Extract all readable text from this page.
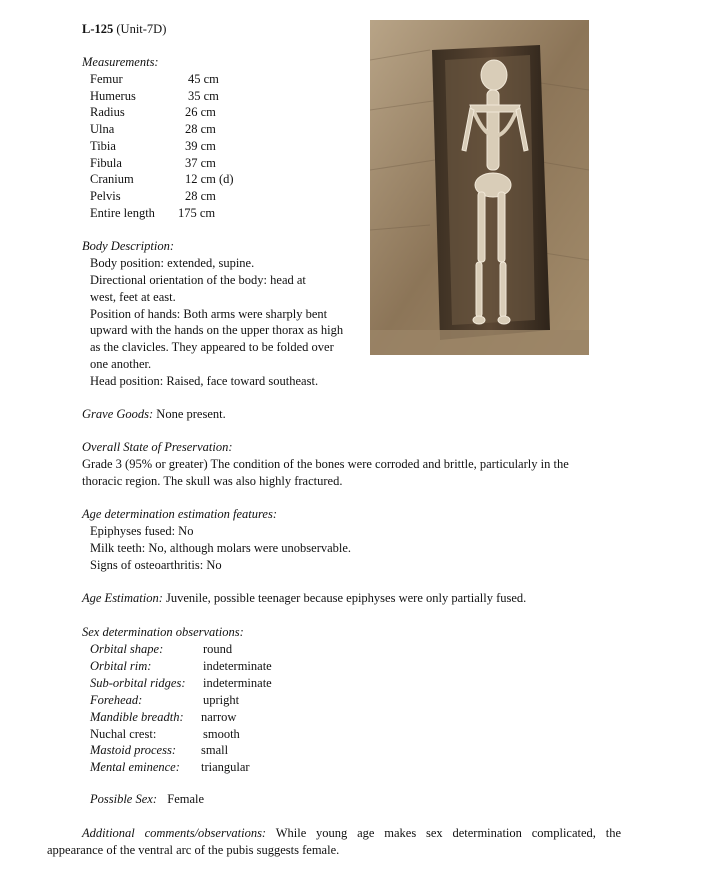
L-125 (Unit-7D)
Measurements:
Femur	45 cm
Humerus	35 cm
Radius	26 cm
Ulna	28 cm
Tibia	39 cm
Fibula	37 cm
Cranium	12 cm (d)
Pelvis	28 cm
Entire length 175 cm
Body Description:
Body position: extended, supine.
Directional orientation of the body: head at
west, feet at east.
Position of hands: Both arms were sharply bent
upward with the hands on the upper thorax as high
as the clavicles. They appeared to be folded over
one another.
Head position: Raised, face toward southeast.
Grave Goods: None present.
Overall State of Preservation:
Grade 3 (95% or greater) The condition of the bones were corroded and brittle, particularly in the
thoracic region. The skull was also highly fractured.
Age determination estimation features:
Epiphyses fused: No
Milk teeth: No, although molars were unobservable.
Signs of osteoarthritis: No
Age Estimation: Juvenile, possible teenager because epiphyses were only partially fused.
Sex determination observations:
Orbital shape:	round
Orbital rim:	indeterminate
Sub-orbital ridges: indeterminate
Forehead:	upright
Mandible breadth: narrow
Nuchal crest:	smooth
Mastoid process: small
Mental eminence: triangular
Possible Sex: Female
Additional comments/observations: While young age makes sex determination complicated, the
appearance of the ventral arc of the pubis suggests female.
